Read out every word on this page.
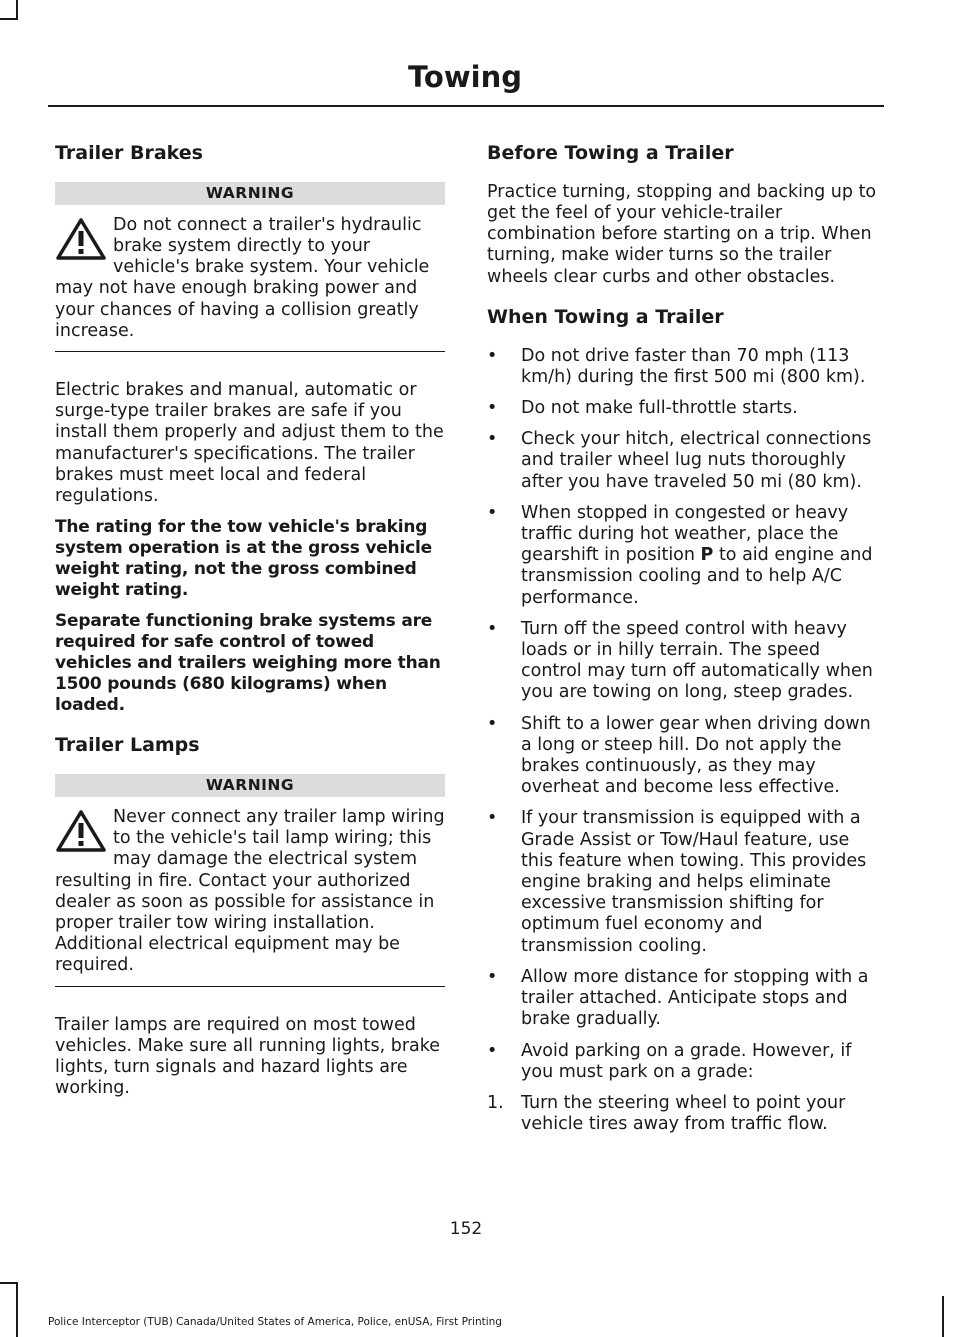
Towing
Trailer Brakes
WARNING

Do not connect a trailer's hydraulic brake system directly to your vehicle's brake system. Your vehicle may not have enough braking power and your chances of having a collision greatly increase.

Electric brakes and manual, automatic or surge-type trailer brakes are safe if you install them properly and adjust them to the manufacturer's specifications. The trailer brakes must meet local and federal regulations.

The rating for the tow vehicle's braking system operation is at the gross vehicle weight rating, not the gross combined weight rating.

Separate functioning brake systems are required for safe control of towed vehicles and trailers weighing more than 1500 pounds (680 kilograms) when loaded.

Trailer Lamps
WARNING

Never connect any trailer lamp wiring to the vehicle's tail lamp wiring; this may damage the electrical system resulting in fire. Contact your authorized dealer as soon as possible for assistance in proper trailer tow wiring installation. Additional electrical equipment may be required.

Trailer lamps are required on most towed vehicles. Make sure all running lights, brake lights, turn signals and hazard lights are working.

Before Towing a Trailer

Practice turning, stopping and backing up to get the feel of your vehicle-trailer combination before starting on a trip. When turning, make wider turns so the trailer wheels clear curbs and other obstacles.

When Towing a Trailer
•	Do not drive faster than 70 mph (113 km/h) during the first 500 mi (800 km).
•	Do not make full-throttle starts.
•	Check your hitch, electrical connections and trailer wheel lug nuts thoroughly after you have traveled 50 mi (80 km).
•	When stopped in congested or heavy traffic during hot weather, place the gearshift in position P to aid engine and transmission cooling and to help A/C performance.
•	Turn off the speed control with heavy loads or in hilly terrain. The speed control may turn off automatically when you are towing on long, steep grades.
•	Shift to a lower gear when driving down a long or steep hill. Do not apply the brakes continuously, as they may overheat and become less effective.
•	If your transmission is equipped with a Grade Assist or Tow/Haul feature, use this feature when towing. This provides engine braking and helps eliminate excessive transmission shifting for optimum fuel economy and transmission cooling.
•	Allow more distance for stopping with a trailer attached. Anticipate stops and brake gradually.
•	Avoid parking on a grade. However, if you must park on a grade:
1. Turn the steering wheel to point your vehicle tires away from traffic flow.
152
Police Interceptor (TUB) Canada/United States of America, Police, enUSA, First Printing
